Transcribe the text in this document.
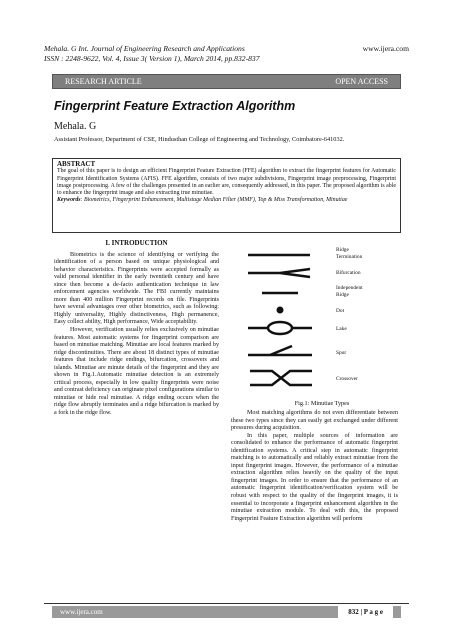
Mehala. G Int. Journal of Engineering Research and Applications
ISSN : 2248-9622, Vol. 4, Issue 3( Version 1), March 2014, pp.832-837
www.ijera.com
RESEARCH ARTICLE	OPEN ACCESS
Fingerprint Feature Extraction Algorithm
Mehala. G
Assistant Professor, Department of CSE, Hindusthan College of Engineering and Technology, Coimbatore-641032.
ABSTRACT
The goal of this paper is to design an efficient Fingerprint Feature Extraction (FFE) algorithm to extract the fingerprint features for Automatic Fingerprint Identification Systems (AFIS). FFE algorithm, consists of two major subdivisions, Fingerprint image preprocessing, Fingerprint image postprocessing. A few of the challenges presented in an earlier are, consequently addressed, in this paper. The proposed algorithm is able to enhance the fingerprint image and also extracting true minutiae.
Keywords: Biometrics, Fingerprint Enhancement, Multistage Median Filter (MMF), Top & Miss Transformation, Minutiae
I. INTRODUCTION

Biometrics is the science of identifying or verifying the identification of a person based on unique physiological and behavior characteristics. Fingerprints were accepted formally as valid personal identifier in the early twentieth century and have since then become a de-facto authentication technique in law enforcement agencies worldwide. The FBI currently maintains more than 400 million Fingerprint records on file. Fingerprints have several advantages over other biometrics, such as following: Highly universality, Highly distinctiveness, High permanence, Easy collect ability, High performance, Wide acceptability.

However, verification usually relies exclusively on minutiae features. Most automatic systems for fingerprint comparison are based on minutiae matching. Minutiae are local features marked by ridge discontinuities. There are about 18 distinct types of minutiae features that include ridge endings, bifurcation, crossovers and islands. Minutiae are minute details of the fingerprint and they are shown in Fig.1.Automatic minutiae detection is an extremely critical process, especially in low quality fingerprints were noise and contrast deficiency can originate pixel configurations similar to minutiae or hide real minutiae. A ridge ending occurs when the ridge flow abruptly terminates and a ridge bifurcation is marked by a fork in the ridge flow.

Ridge
Termination
Bifurcation
Independent
Ridge
Dot
Lake
Spur
Crossover
Fig.1: Minutiae Types

Most matching algorithms do not even differentiate between these two types since they can easily get exchanged under different pressures during acquisition.

In this paper, multiple sources of information are consolidated to enhance the performance of automatic fingerprint identification systems. A critical step in automatic fingerprint matching is to automatically and reliably extract minutiae from the input fingerprint images. However, the performance of a minutiae extraction algorithm relies heavily on the quality of the input fingerprint images. In order to ensure that the performance of an automatic fingerprint identification/verification system will be robust with respect to the quality of the fingerprint images, it is essential to incorporate a fingerprint enhancement algorithm in the minutiae extraction module. To deal with this, the proposed Fingerprint Feature Extraction algorithm will perform

www.ijera.com	832 | P a g e
